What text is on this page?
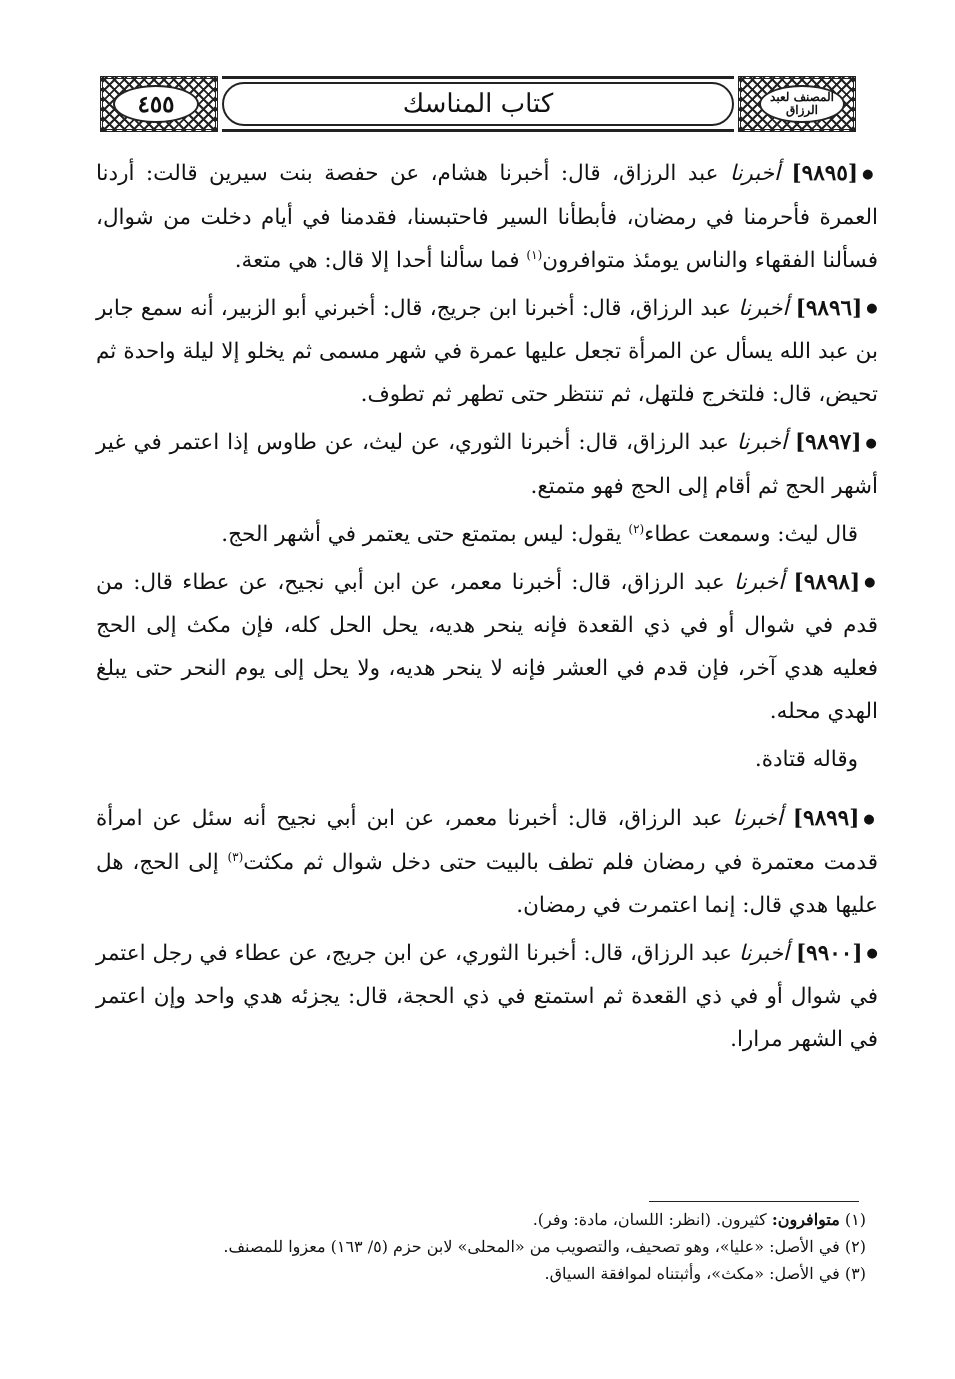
٤٥٥	كتاب المناسك	المصنف لعبد الرزاق

●[٩٨٩٥] أخبرنا عبد الرزاق، قال: أخبرنا هشام، عن حفصة بنت سيرين قالت: أردنا العمرة فأحرمنا في رمضان، فأبطأنا السير فاحتبسنا، فقدمنا في أيام دخلت من شوال، فسألنا الفقهاء والناس يومئذ متوافرون$^{(١)}$ فما سألنا أحدا إلا قال: هي متعة.

●[٩٨٩٦] أخبرنا عبد الرزاق، قال: أخبرنا ابن جريج، قال: أخبرني أبو الزبير، أنه سمع جابر بن عبد الله يسأل عن المرأة تجعل عليها عمرة في شهر مسمى ثم يخلو إلا ليلة واحدة ثم تحيض، قال: فلتخرج فلتهل، ثم تنتظر حتى تطهر ثم تطوف.

●[٩٨٩٧] أخبرنا عبد الرزاق، قال: أخبرنا الثوري، عن ليث، عن طاوس إذا اعتمر في غير أشهر الحج ثم أقام إلى الحج فهو متمتع.

قال ليث: وسمعت عطاء$^{(٢)}$ يقول: ليس بمتمتع حتى يعتمر في أشهر الحج.

●[٩٨٩٨] أخبرنا عبد الرزاق، قال: أخبرنا معمر، عن ابن أبي نجيح، عن عطاء قال: من قدم في شوال أو في ذي القعدة فإنه ينحر هديه، يحل الحل كله، فإن مكث إلى الحج فعليه هدي آخر، فإن قدم في العشر فإنه لا ينحر هديه، ولا يحل إلى يوم النحر حتى يبلغ الهدي محله.

وقاله قتادة.

●[٩٨٩٩] أخبرنا عبد الرزاق، قال: أخبرنا معمر، عن ابن أبي نجيح أنه سئل عن امرأة قدمت معتمرة في رمضان فلم تطف بالبيت حتى دخل شوال ثم مكثت$^{(٣)}$ إلى الحج، هل عليها هدي قال: إنما اعتمرت في رمضان.

●[٩٩٠٠] أخبرنا عبد الرزاق، قال: أخبرنا الثوري، عن ابن جريج، عن عطاء في رجل اعتمر في شوال أو في ذي القعدة ثم استمتع في ذي الحجة، قال: يجزئه هدي واحد وإن اعتمر في الشهر مرارا.

(١) متوافرون: كثيرون. (انظر: اللسان، مادة: وفر).

(٢) في الأصل: «عليا»، وهو تصحيف، والتصويب من «المحلى» لابن حزم (٥/ ١٦٣) معزوا للمصنف.

(٣) في الأصل: «مكث»، وأثبتناه لموافقة السياق.
